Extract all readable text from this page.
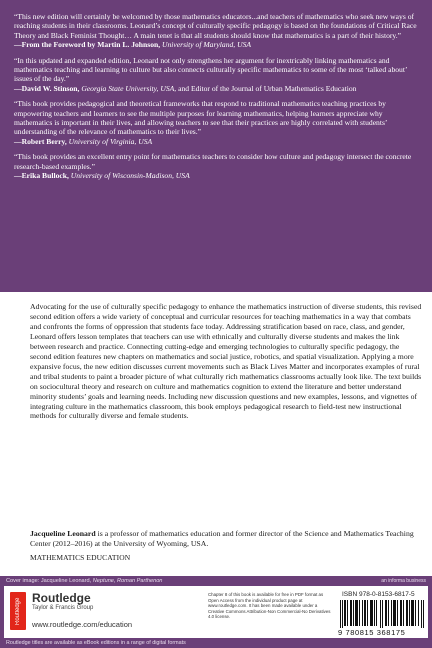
“This new edition will certainly be welcomed by those mathematics educators...and teachers of mathematics who seek new ways of reaching students in their classrooms. Leonard’s concept of culturally specific pedagogy is based on the foundations of Critical Race Theory and Black Feminist Thought… A main tenet is that all students should know that mathematics is a part of their history.”

—From the Foreword by Martin L. Johnson, University of Maryland, USA

“In this updated and expanded edition, Leonard not only strengthens her argument for inextricably linking mathematics and mathematics teaching and learning to culture but also connects culturally specific mathematics to some of the most ‘talked about’ issues of the day.”

—David W. Stinson, Georgia State University, USA, and Editor of the Journal of Urban Mathematics Education

“This book provides pedagogical and theoretical frameworks that respond to traditional mathematics teaching practices by empowering teachers and learners to see the multiple purposes for learning mathematics, helping learners appreciate why mathematics is important in their lives, and allowing teachers to see that their practices are highly correlated with students’ understanding of the relevance of mathematics to their lives.”

—Robert Berry, University of Virginia, USA

“This book provides an excellent entry point for mathematics teachers to consider how culture and pedagogy intersect the concrete research-based examples.”

—Erika Bullock, University of Wisconsin-Madison, USA

Advocating for the use of culturally specific pedagogy to enhance the mathematics instruction of diverse students, this revised second edition offers a wide variety of conceptual and curricular resources for teaching mathematics in a way that combats and confronts the forms of oppression that students face today. Addressing stratification based on race, class, and gender, Leonard offers lesson templates that teachers can use with ethnically and culturally diverse students and makes the link between research and practice. Connecting cutting-edge and emerging technologies to culturally specific pedagogy, the second edition features new chapters on mathematics and social justice, robotics, and spatial visualization. Applying a more expansive focus, the new edition discusses current movements such as Black Lives Matter and incorporates examples of rural and tribal students to paint a broader picture of what culturally rich mathematics classrooms actually look like. The text builds on sociocultural theory and research on culture and mathematics cognition to extend the literature and better understand minority students’ goals and learning needs. Including new discussion questions and new examples, lessons, and vignettes of integrating culture in the mathematics classroom, this book employs pedagogical research to field-test new instructional methods for culturally diverse and female students.

Jacqueline Leonard is a professor of mathematics education and former director of the Science and Mathematics Teaching Center (2012–2016) at the University of Wyoming, USA.

MATHEMATICS EDUCATION
Cover image: Jacqueline Leonard, Neptune, Roman Parthenon	an informa business
Routledge Routledge
Taylor & Francis Group
www.routledge.com/education

Chapter 8 of this book is available for free in PDF format as Open Access from the individual product page at www.routledge.com. It has been made available under a Creative Commons Attribution-Non Commercial-No Derivatives 4.0 license.

ISBN 978-0-8153-6817-5
9 780815 368175
Routledge titles are available as eBook editions in a range of digital formats
